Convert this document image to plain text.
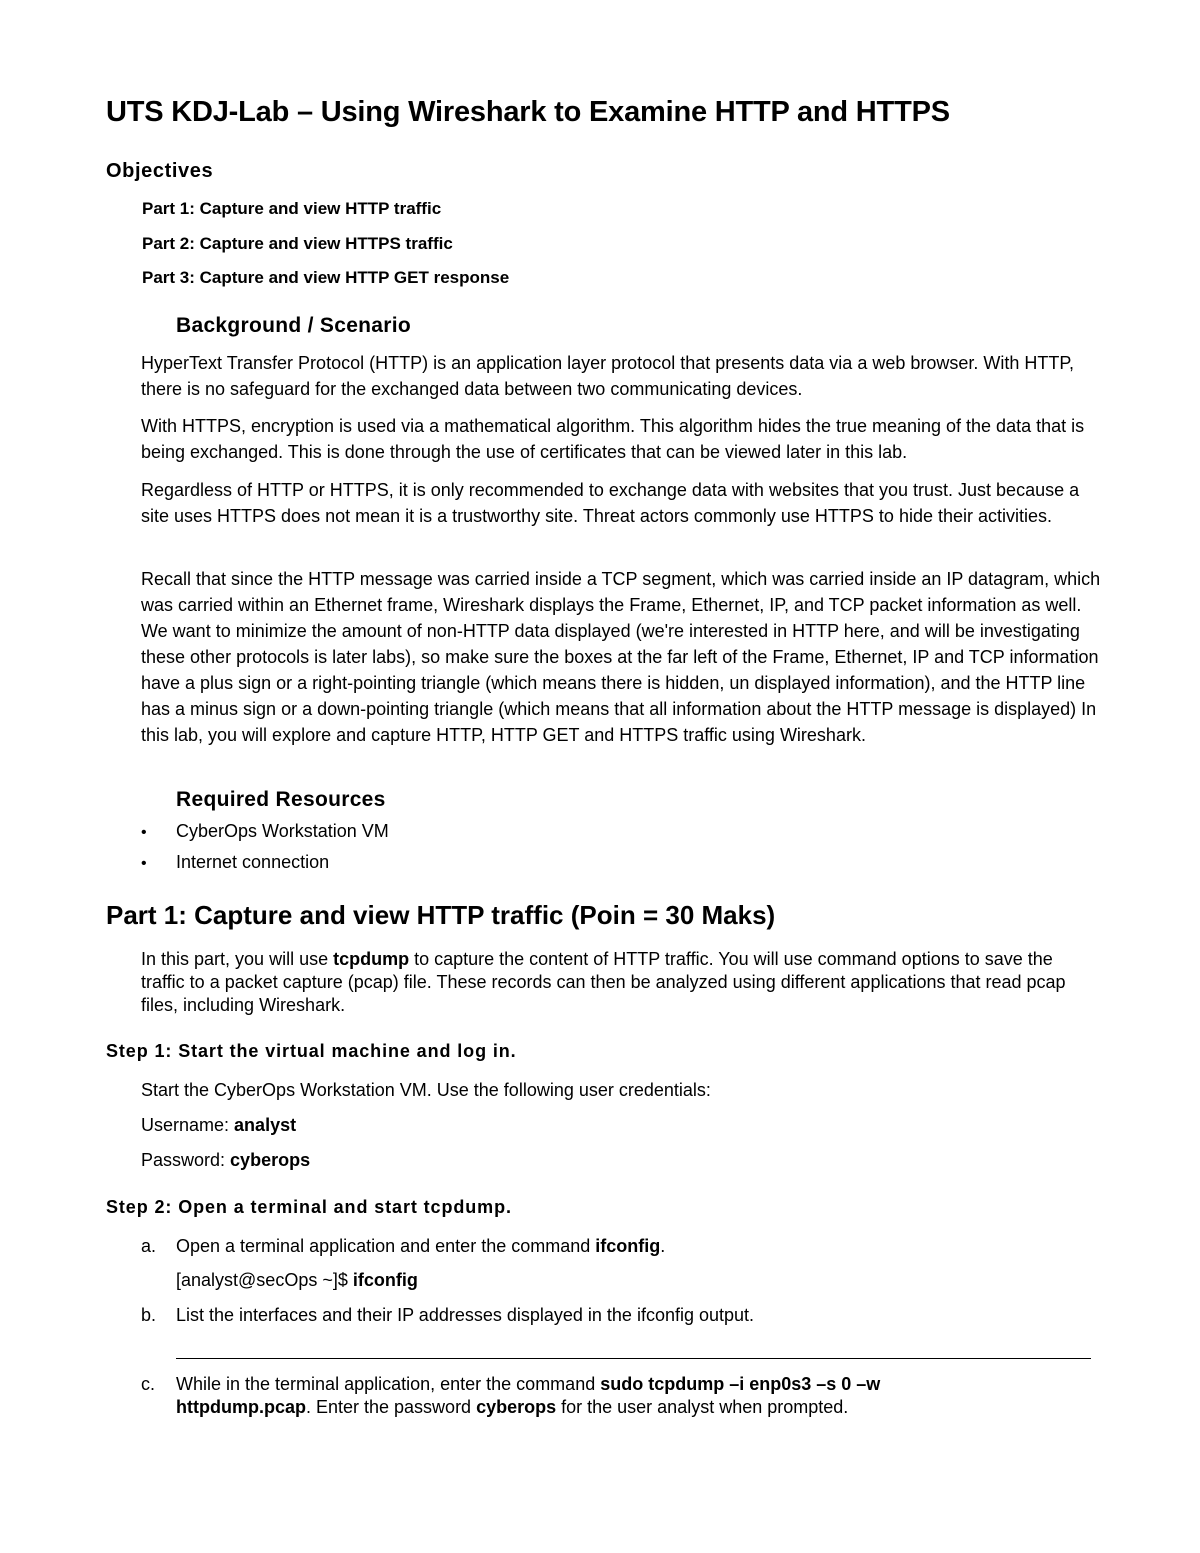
UTS KDJ-Lab – Using Wireshark to Examine HTTP and HTTPS
Objectives
Part 1: Capture and view HTTP traffic
Part 2: Capture and view HTTPS traffic
Part 3: Capture and view HTTP GET response
Background / Scenario

HyperText Transfer Protocol (HTTP) is an application layer protocol that presents data via a web browser. With HTTP, there is no safeguard for the exchanged data between two communicating devices.

With HTTPS, encryption is used via a mathematical algorithm. This algorithm hides the true meaning of the data that is being exchanged. This is done through the use of certificates that can be viewed later in this lab.

Regardless of HTTP or HTTPS, it is only recommended to exchange data with websites that you trust. Just because a site uses HTTPS does not mean it is a trustworthy site. Threat actors commonly use HTTPS to hide their activities.

Recall that since the HTTP message was carried inside a TCP segment, which was carried inside an IP datagram, which was carried within an Ethernet frame, Wireshark displays the Frame, Ethernet, IP, and TCP packet information as well. We want to minimize the amount of non-HTTP data displayed (we're interested in HTTP here, and will be investigating these other protocols is later labs), so make sure the boxes at the far left of the Frame, Ethernet, IP and TCP information have a plus sign or a right-pointing triangle (which means there is hidden, un displayed information), and the HTTP line has a minus sign or a down-pointing triangle (which means that all information about the HTTP message is displayed) In this lab, you will explore and capture HTTP, HTTP GET and HTTPS traffic using Wireshark.

Required Resources
• CyberOps Workstation VM
• Internet connection
Part 1: Capture and view HTTP traffic (Poin = 30 Maks)
In this part, you will use tcpdump to capture the content of HTTP traffic. You will use command options to save the traffic to a packet capture (pcap) file. These records can then be analyzed using different applications that read pcap files, including Wireshark.
Step 1: Start the virtual machine and log in.
Start the CyberOps Workstation VM. Use the following user credentials:
Username: analyst
Password: cyberops
Step 2: Open a terminal and start tcpdump.
a. Open a terminal application and enter the command ifconfig.
[analyst@secOps ~]$ ifconfig
b. List the interfaces and their IP addresses displayed in the ifconfig output.
c. While in the terminal application, enter the command sudo tcpdump –i enp0s3 –s 0 –w httpdump.pcap. Enter the password cyberops for the user analyst when prompted.
